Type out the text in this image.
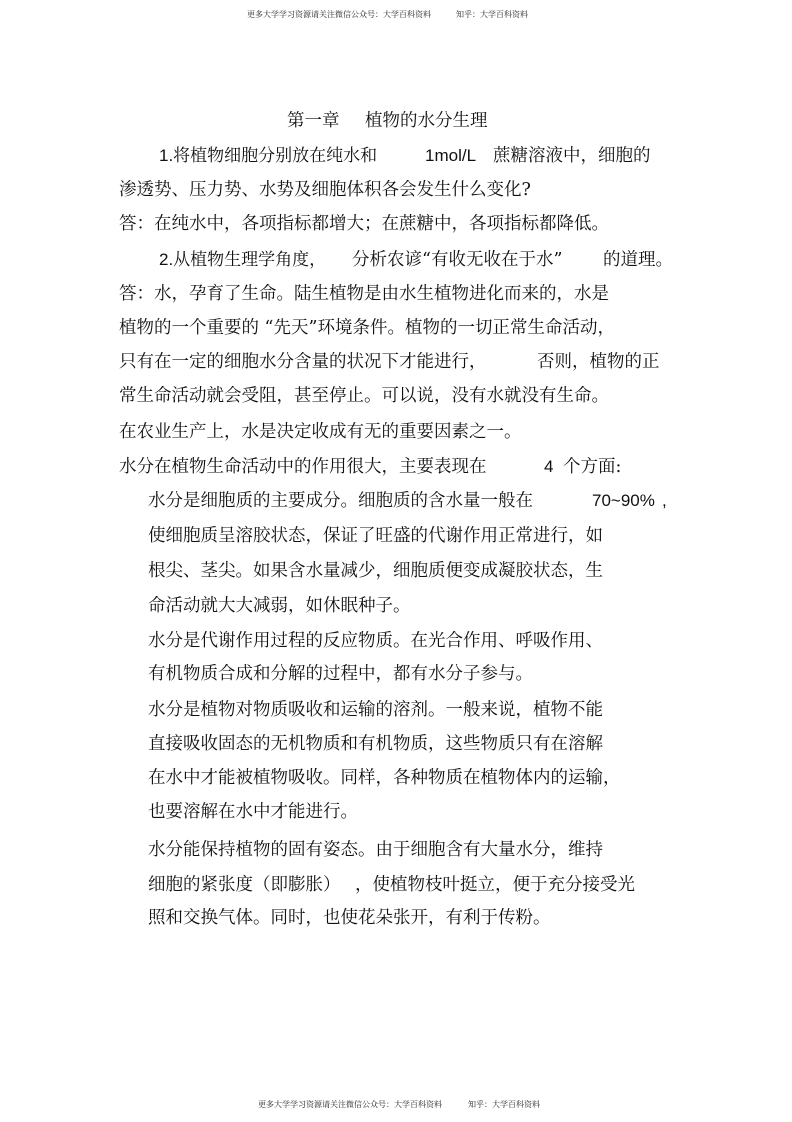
更多大学学习资源请关注微信公众号：大学百科资料	知乎：大学百科资料
第一章 植物的水分生理
1.将植物细胞分别放在纯水和	1mol/L 蔗糖溶液中，细胞的
渗透势、压力势、水势及细胞体积各会发生什么变化?
答：在纯水中，各项指标都增大；在蔗糖中，各项指标都降低。
2.从植物生理学角度， 分析农谚“有收无收在于水” 的道理。
答：水，孕育了生命。陆生植物是由水生植物进化而来的，水是
植物的一个重要的 “先天”环境条件。植物的一切正常生命活动，
只有在一定的细胞水分含量的状况下才能进行，	否则，植物的正
常生命活动就会受阻，甚至停止。可以说，没有水就没有生命。
在农业生产上，水是决定收成有无的重要因素之一。
水分在植物生命活动中的作用很大，主要表现在	4 个方面:
水分是细胞质的主要成分。细胞质的含水量一般在	70~90% ,
使细胞质呈溶胶状态，保证了旺盛的代谢作用正常进行，如
根尖、茎尖。如果含水量减少，细胞质便变成凝胶状态，生
命活动就大大减弱，如休眠种子。
水分是代谢作用过程的反应物质。在光合作用、呼吸作用、
有机物质合成和分解的过程中，都有水分子参与。
水分是植物对物质吸收和运输的溶剂。一般来说，植物不能
直接吸收固态的无机物质和有机物质，这些物质只有在溶解
在水中才能被植物吸收。同样，各种物质在植物体内的运输，
也要溶解在水中才能进行。
水分能保持植物的固有姿态。由于细胞含有大量水分，维持
细胞的紧张度（即膨胀） ，使植物枝叶挺立，便于充分接受光
照和交换气体。同时，也使花朵张开，有利于传粉。
更多大学学习资源请关注微信公众号：大学百科资料	知乎：大学百科资料
